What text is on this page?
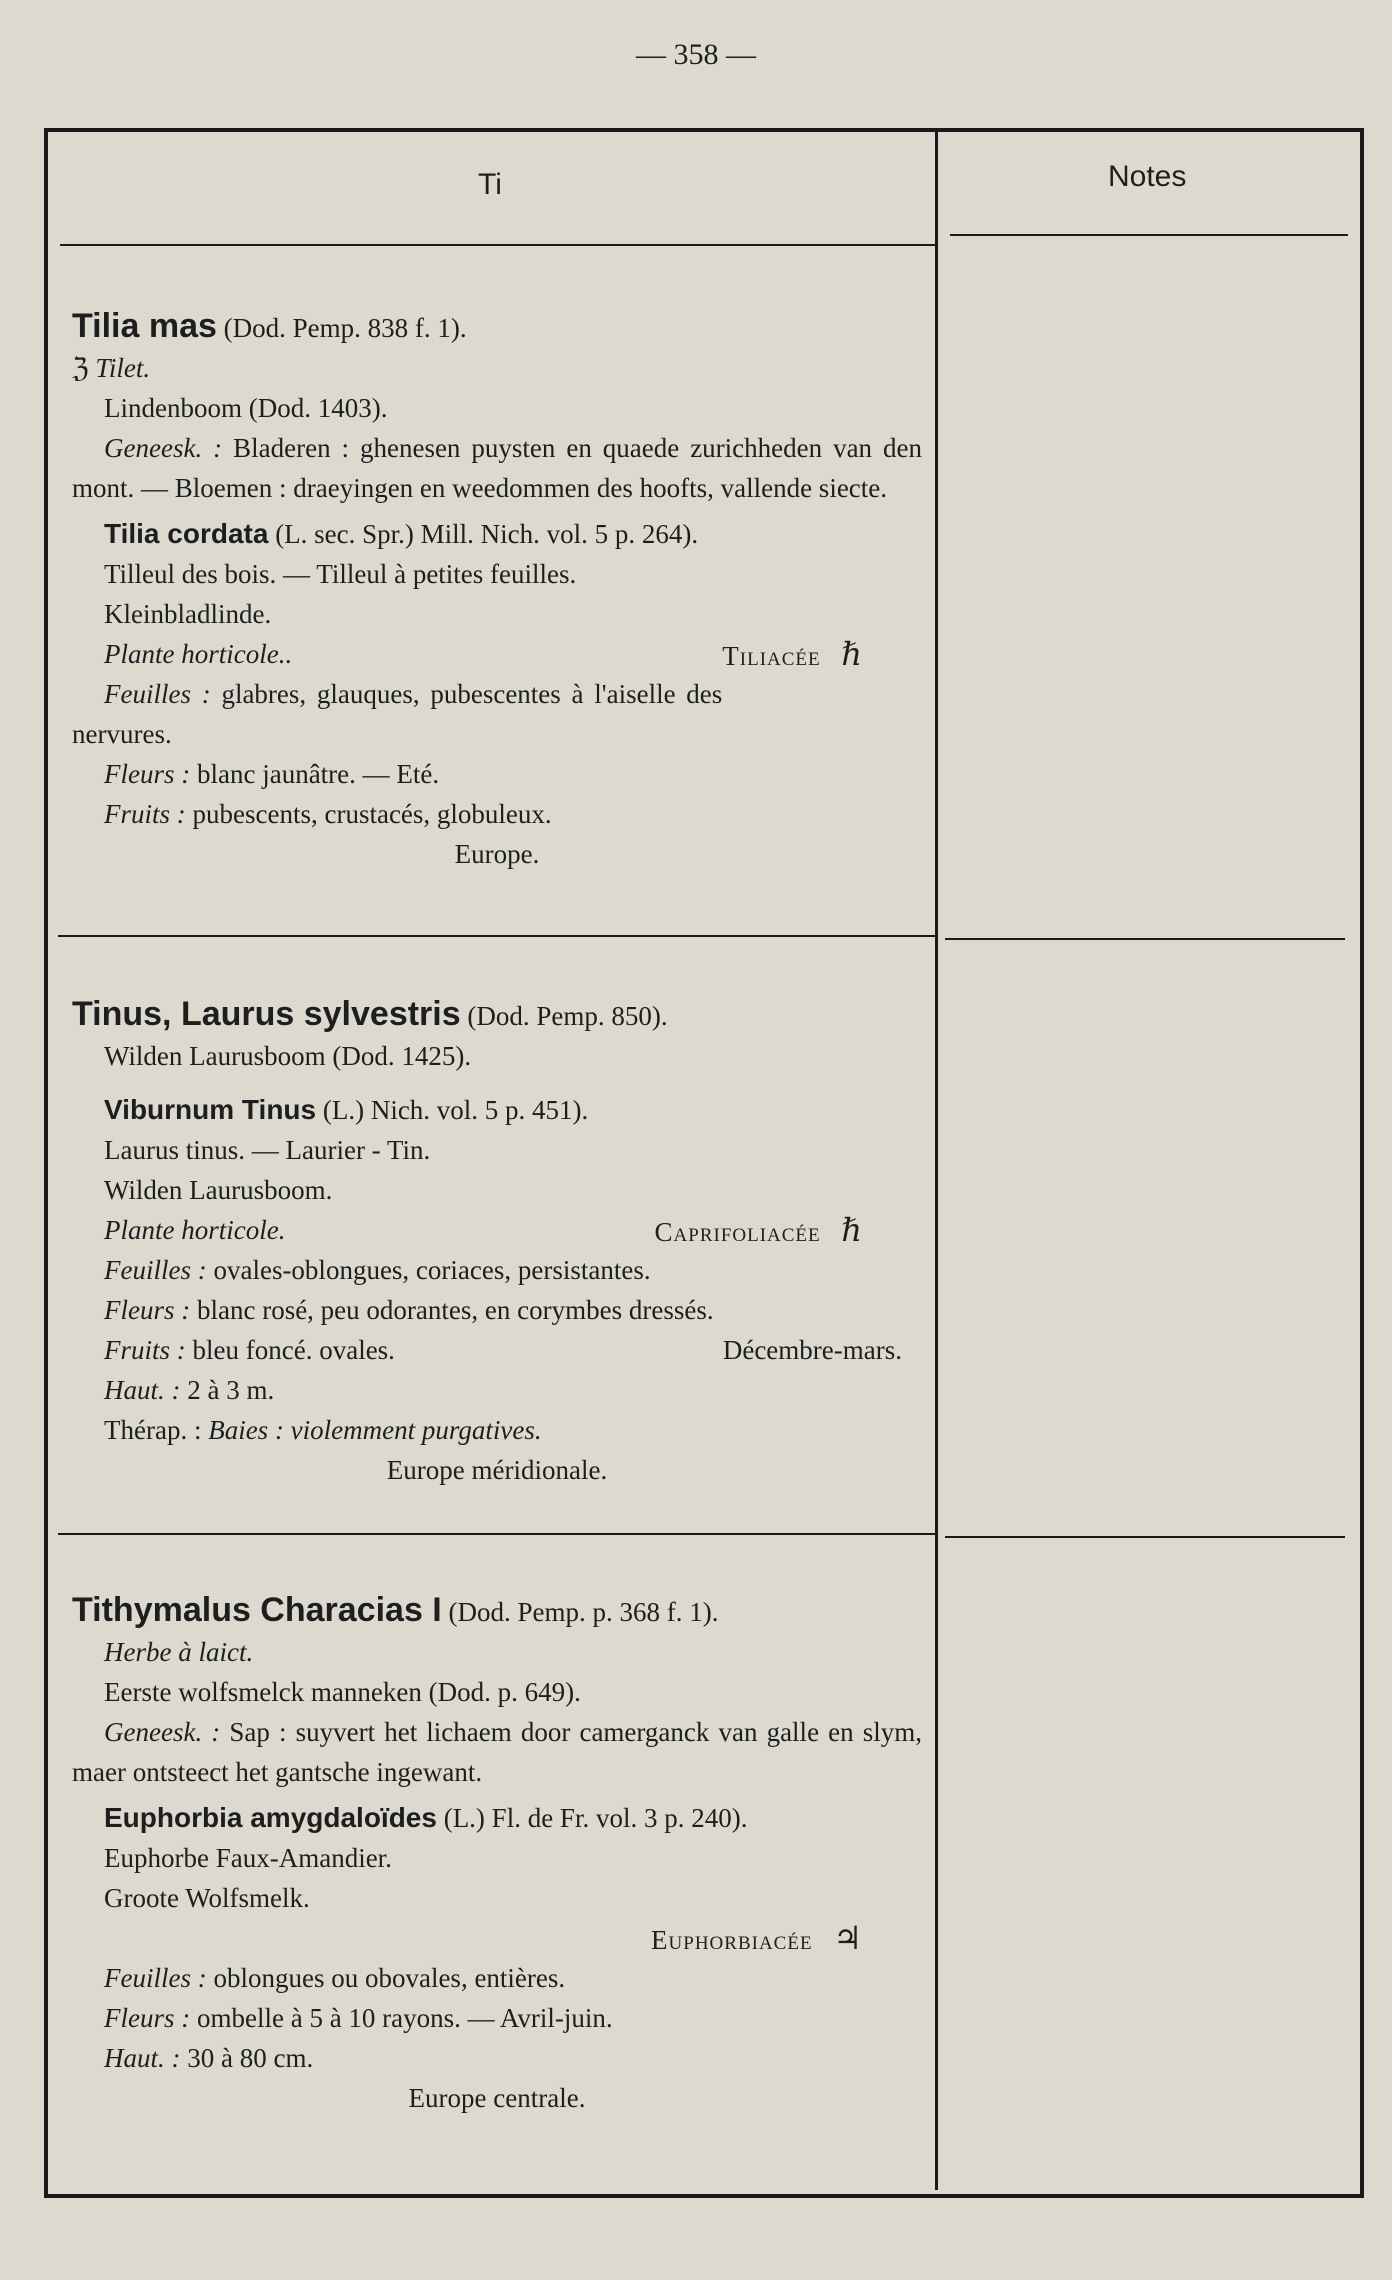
— 358 —
Ti	Notes
Tilia mas (Dod. Pemp. 838 f. 1).
ℨ Tilet.
Lindenboom (Dod. 1403).
Geneesk. : Bladeren : ghenesen puysten en quaede zurichheden van den mont. — Bloemen : draeyingen en weedommen des hoofts, vallende siecte.
Tilia cordata (L. sec. Spr.) Mill. Nich. vol. 5 p. 264).
Tilleul des bois. — Tilleul à petites feuilles.
Kleinbladlinde.
Plante horticole..	Tiliacée ℏ
Feuilles : glabres, glauques, pubescentes à l'aiselle des nervures.
Fleurs : blanc jaunâtre. — Eté.
Fruits : pubescents, crustacés, globuleux.
Europe.
Tinus, Laurus sylvestris (Dod. Pemp. 850).
Wilden Laurusboom (Dod. 1425).
Viburnum Tinus (L.) Nich. vol. 5 p. 451).
Laurus tinus. — Laurier - Tin.
Wilden Laurusboom.
Plante horticole.	Caprifoliacée ℏ
Feuilles : ovales-oblongues, coriaces, persistantes.
Fleurs : blanc rosé, peu odorantes, en corymbes dressés.
Fruits : bleu foncé. ovales.	Décembre-mars.
Haut. : 2 à 3 m.
Thérap. : Baies : violemment purgatives.
Europe méridionale.
Tithymalus Characias I (Dod. Pemp. p. 368 f. 1).
Herbe à laict.
Eerste wolfsmelck manneken (Dod. p. 649).
Geneesk. : Sap : suyvert het lichaem door camerganck van galle en slym, maer ontsteect het gantsche ingewant.
Euphorbia amygdaloïdes (L.) Fl. de Fr. vol. 3 p. 240).
Euphorbe Faux-Amandier.
Groote Wolfsmelk.
Euphorbiacée ♃
Feuilles : oblongues ou obovales, entières.
Fleurs : ombelle à 5 à 10 rayons. — Avril-juin.
Haut. : 30 à 80 cm.
Europe centrale.
